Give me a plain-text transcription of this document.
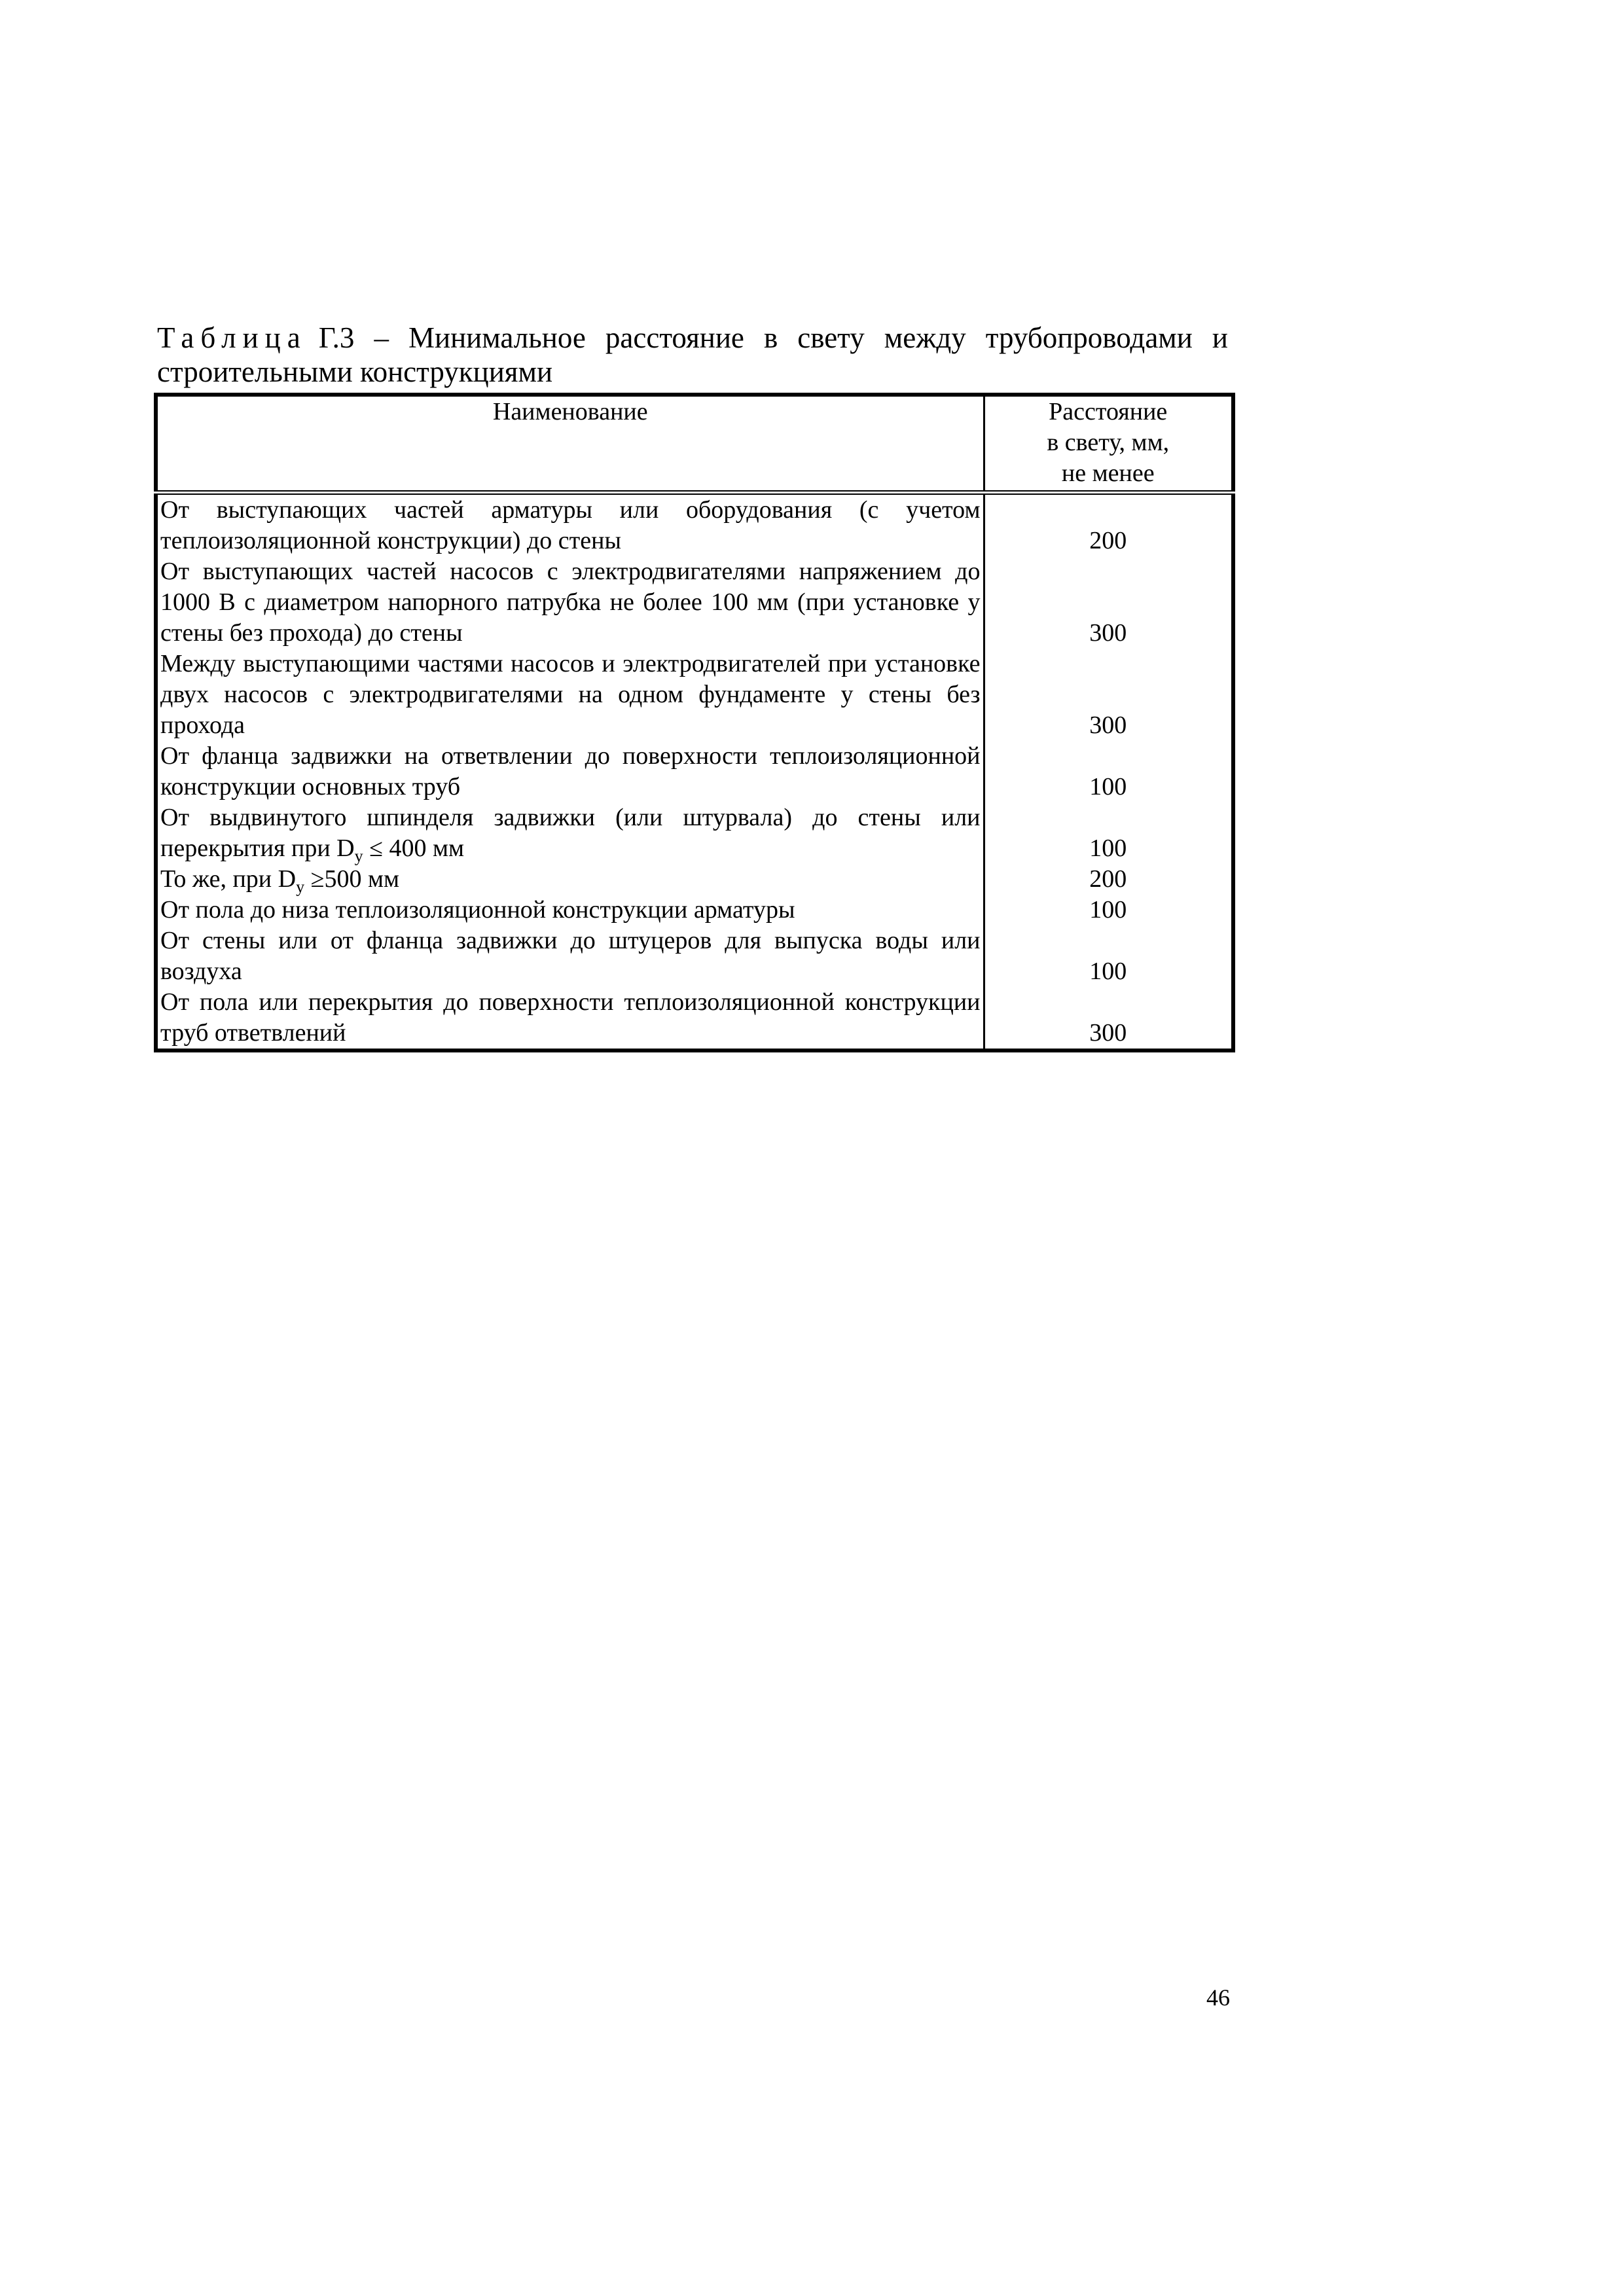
Таблица Г.3 – Минимальное расстояние в свету между трубопроводами и строительными конструкциями
Наименование	Расстояние
в свету, мм,
не менее

От выступающих частей арматуры или оборудования (с учетом теплоизоляционной конструкции) до стены	200
От выступающих частей насосов с электродвигателями напряжением до 1000 В с диаметром напорного патрубка не более 100 мм (при установке у стены без прохода) до стены	300
Между выступающими частями насосов и электродвигателей при установке двух насосов с электродвигателями на одном фундаменте у стены без прохода	300
От фланца задвижки на ответвлении до поверхности теплоизоляционной конструкции основных труб	100
От выдвинутого шпинделя задвижки (или штурвала) до стены или перекрытия при $D_у \le 400$ мм	100
То же, при $D_у \ge 500$ мм	200
От пола до низа теплоизоляционной конструкции арматуры	100
От стены или от фланца задвижки до штуцеров для выпуска воды или воздуха	100
От пола или перекрытия до поверхности теплоизоляционной конструкции труб ответвлений	300
46
